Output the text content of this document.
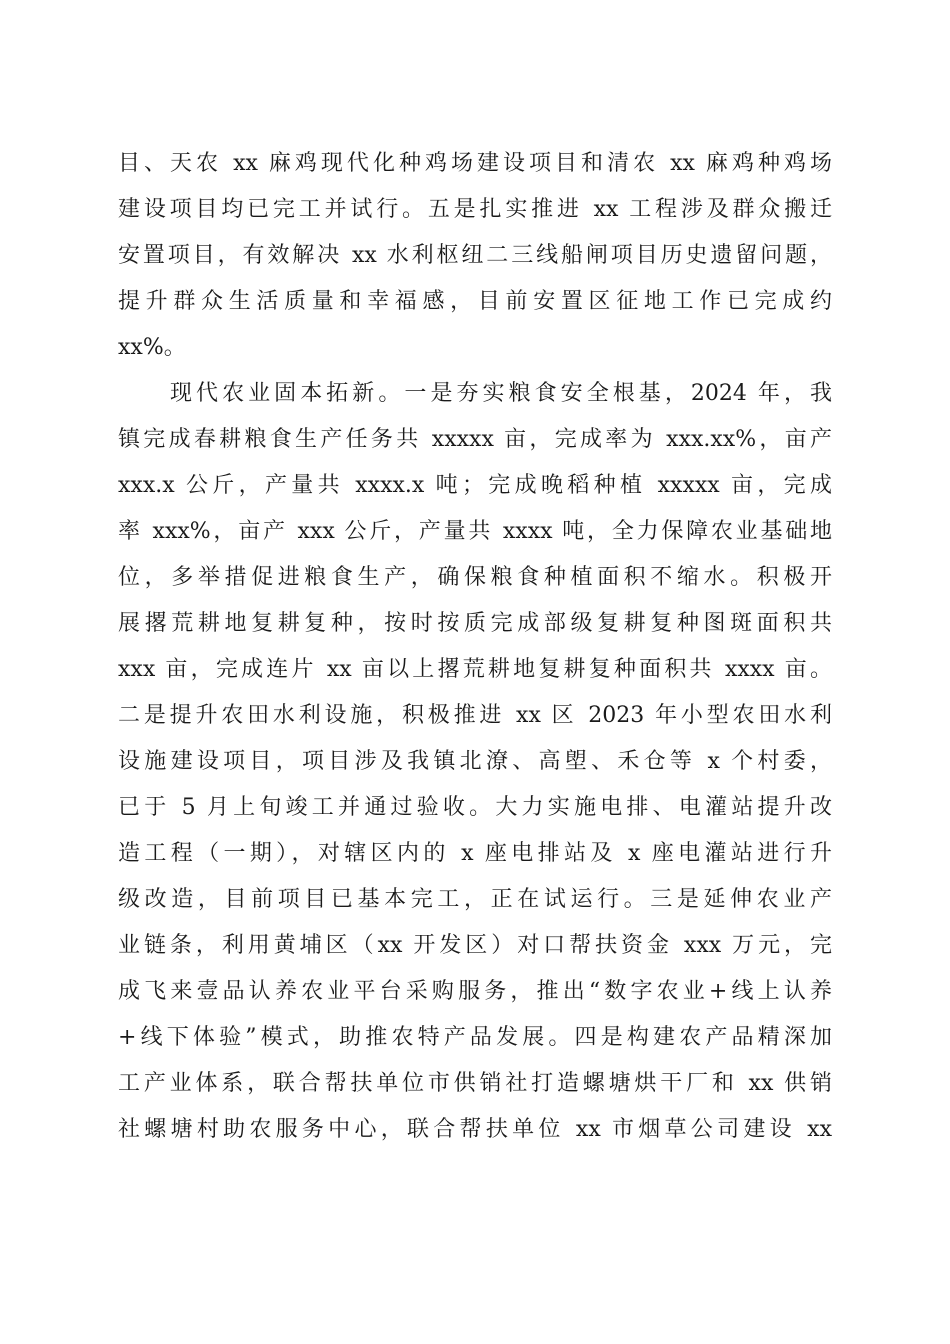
目、天农 xx 麻鸡现代化种鸡场建设项目和清农 xx 麻鸡种鸡场
建设项目均已完工并试行。五是扎实推进 xx 工程涉及群众搬迁
安置项目，有效解决 xx 水利枢纽二三线船闸项目历史遗留问题，
提升群众生活质量和幸福感，目前安置区征地工作已完成约
xx%。
现代农业固本拓新。一是夯实粮食安全根基，2024 年，我
镇完成春耕粮食生产任务共 xxxxx 亩，完成率为 xxx.xx%，亩产
xxx.x 公斤，产量共 xxxx.x 吨；完成晚稻种植 xxxxx 亩，完成
率 xxx%，亩产 xxx 公斤，产量共 xxxx 吨，全力保障农业基础地
位，多举措促进粮食生产，确保粮食种植面积不缩水。积极开
展撂荒耕地复耕复种，按时按质完成部级复耕复种图斑面积共
xxx 亩，完成连片 xx 亩以上撂荒耕地复耕复种面积共 xxxx 亩。
二是提升农田水利设施，积极推进 xx 区 2023 年小型农田水利
设施建设项目，项目涉及我镇北潦、高塱、禾仓等 x 个村委，
已于 5 月上旬竣工并通过验收。大力实施电排、电灌站提升改
造工程（一期），对辖区内的 x 座电排站及 x 座电灌站进行升
级改造，目前项目已基本完工，正在试运行。三是延伸农业产
业链条，利用黄埔区（xx 开发区）对口帮扶资金 xxx 万元，完
成飞来壹品认养农业平台采购服务，推出“数字农业+线上认养
+线下体验”模式，助推农特产品发展。四是构建农产品精深加
工产业体系，联合帮扶单位市供销社打造螺塘烘干厂和 xx 供销
社螺塘村助农服务中心，联合帮扶单位 xx 市烟草公司建设 xx
